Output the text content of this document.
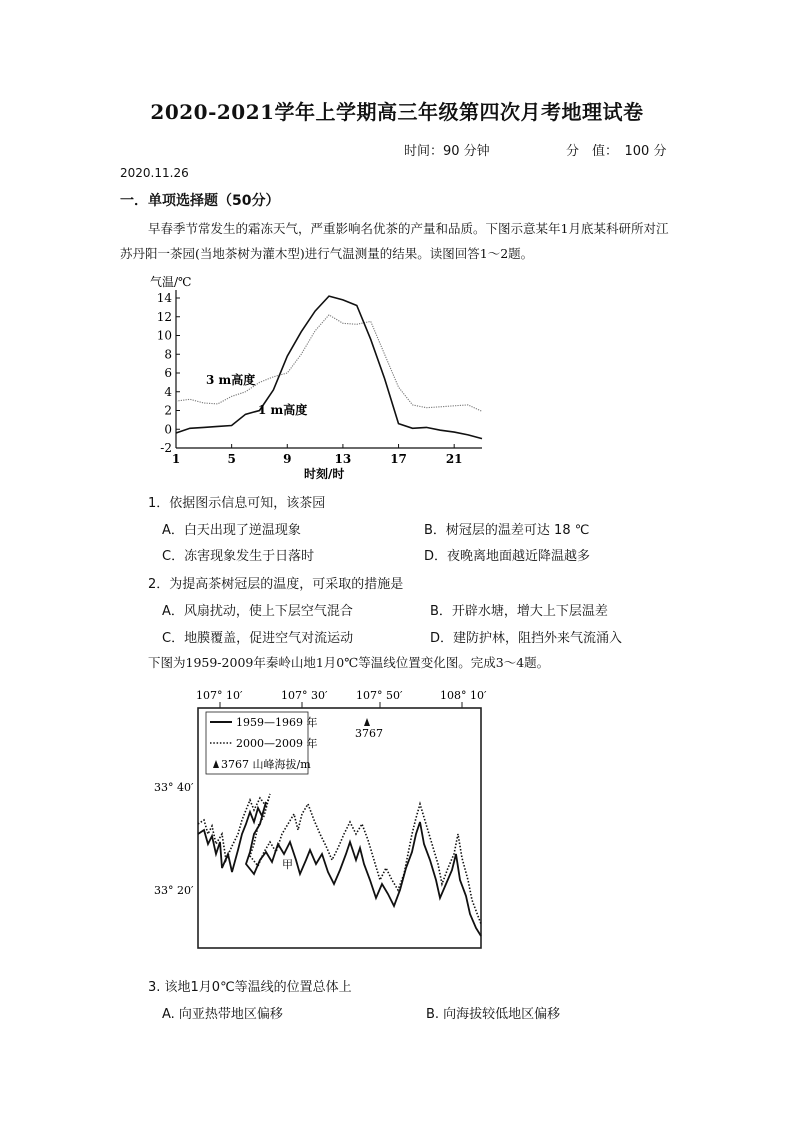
2020-2021学年上学期高三年级第四次月考地理试卷
时间：90 分钟	分　值：　100 分
2020.11.26
一．单项选择题（50分）
早春季节常发生的霜冻天气，严重影响名优茶的产量和品质。下图示意某年1月底某科研所对江苏丹阳一茶园(当地茶树为灌木型)进行气温测量的结果。读图回答1～2题。
-2
0
2
4
6
8
10
12
14
1	5	9	13	17	21
气温/℃
时刻/时
3 m高度
1 m高度
1．依据图示信息可知，该茶园
A．白天出现了逆温现象	B．树冠层的温差可达 18 ℃
C．冻害现象发生于日落时	D．夜晚离地面越近降温越多
2．为提高茶树冠层的温度，可采取的措施是
A．风扇扰动，使上下层空气混合	B．开辟水塘，增大上下层温差
C．地膜覆盖，促进空气对流运动	D．建防护林，阻挡外来气流涌入
下图为1959-2009年秦岭山地1月0℃等温线位置变化图。完成3～4题。
107° 10′	107° 30′	107° 50′	108° 10′
33° 40′
33° 20′
1959—1969 年
2000—2009 年
3767 山峰海拔/m
3767
甲
3. 该地1月0℃等温线的位置总体上
A. 向亚热带地区偏移	B. 向海拔较低地区偏移
